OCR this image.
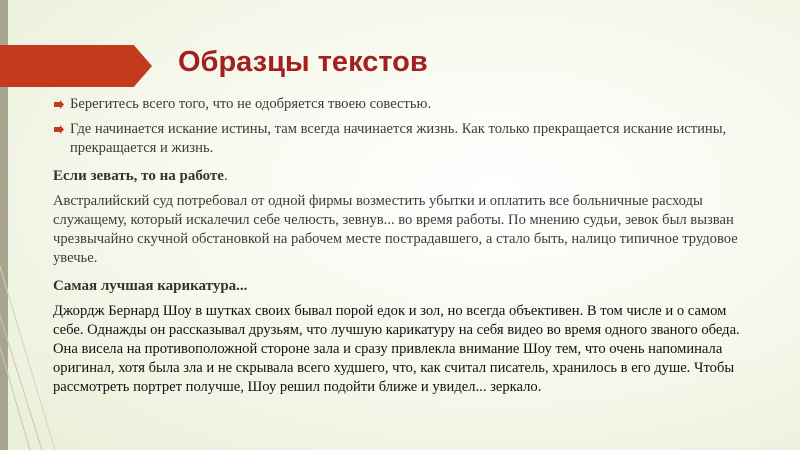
Образцы текстов
Берегитесь всего того, что не одобряется твоею совестью.
Где начинается искание истины, там всегда начинается жизнь. Как только прекращается искание истины, прекращается и жизнь.
Если зевать, то на работе.
Австралийский суд потребовал от одной фирмы возместить убытки и оплатить все больничные расходы служащему, который искалечил себе челюсть, зевнув... во время работы. По мнению судьи, зевок был вызван чрезвычайно скучной обстановкой на рабочем месте пострадавшего, а стало быть, налицо типичное трудовое увечье.
Самая лучшая карикатура...
Джордж Бернард Шоу в шутках своих бывал порой едок и зол, но всегда объективен. В том числе и о самом себе. Однажды он рассказывал друзьям, что лучшую карикатуру на себя видео во время одного званого обеда. Она висела на противоположной стороне зала и сразу привлекла внимание Шоу тем, что очень напоминала оригинал, хотя была зла и не скрывала всего худшего, что, как считал писатель, хранилось в его душе. Чтобы рассмотреть портрет получше, Шоу решил подойти ближе и увидел... зеркало.
